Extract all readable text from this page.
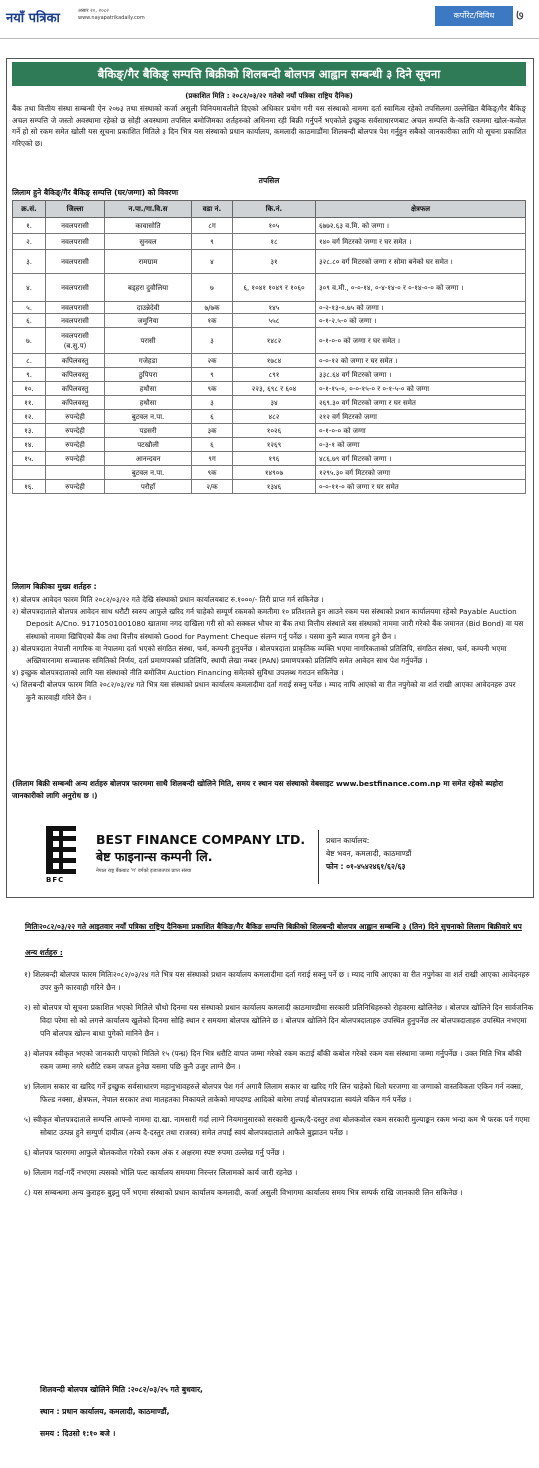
नयाँ पत्रिका	असार २०, २०८२
www.nayapatrikadaily.com	कर्पोरेट/विविध	७
बैकिङ्/गैर बैकिङ् सम्पत्ति बिक्रीको शिलबन्दी बोलपत्र आह्वान सम्बन्धी ३ दिने सूचना
(प्रकाशित मिति : २०८२/०३/२२ गतेको नयाँ पत्रिका राष्ट्रिय दैनिक)
बैंक तथा वित्तीय संस्था सम्बन्धी ऐन २०७३ तथा संस्थाको कर्जा असुली विनियमावलीले दिएको अधिकार प्रयोग गरी यस संस्थाको नाममा दर्ता स्वामित्व रहेको तपसिलमा उल्लेखित बैकिङ्/गैर बैकिङ् अचल सम्पत्ति जे जस्तो अवस्थामा रहेको छ सोही अवस्थामा तपसिल बमोजिमका शर्तहरुको अधिनमा रही बिक्री गर्नुपर्ने भएकोले इच्छुक सर्वसाधारणबाट अचल सम्पत्ति के-कति रकममा खोल-कवोल गर्ने हो सो रकम समेत खोली यस सूचना प्रकाशित मितिले ३ दिन भित्र यस संस्थाको प्रधान कार्यालय, कमलादी काठमाडौंमा शिलबन्दी बोलपत्र पेश गर्नुहुन सबैको जानकारीका लागि यो सूचना प्रकाशित गरिएको छ।
तपसिल
लिलाम हुने बैकिङ्/गैर बैकिङ् सम्पत्ति (घर/जग्गा) को विवरणः
क्र.सं.	जिल्ला	न.पा./गा.वि.स	वडा नं.	कि.नं.	क्षेत्रफल
१.	नवलपरासी	कावासोति	८ग	१०५	६७७२.६३ व.मि. को जग्गा ।
२.	नवलपरासी	सुनवल	९	१८	१४० वर्ग मिटरको जग्गा र घर समेत ।
३.	नवलपरासी	रामग्राम	४	३१	३२८.८० वर्ग मिटरको जग्गा र सोमा बनेको घर समेत ।
४.	नवलपरासी	बड्हरा दुवौलिया	७	६, १०४१ १०४९ र १०६०	३०९ व.मी., ०-०-१४, ०-४-१४-० र ०-१४-०-० को जग्गा ।
५.	नवलपरासी	दाउन्नेदेवी	७/७क	१४५	०-२-१३-०.७५ को जग्गा ।
६.	नवलपरासी	जमुनिया	१क	५५८	०-१-२.५-० को जग्गा ।
७.	नवलपरासी (ब.सु.प)	परासी	३	१४८२	०-१-०-० को जग्गा र घर समेत ।
८.	कपिलवस्तु	गजेहडा	२क	१७८४	०-०-१२ को जग्गा र घर समेत ।
९.	कपिलवस्तु	ठुपिपरा	९	८९१	३३८.६४ वर्ग मिटरको जग्गा ।
१०.	कपिलवस्तु	हथौसा	९क	२२३, ६९८ र ६०४	०-१-१५-०, ०-०-१५-० र ०-१-५-० को जग्गा
११.	कपिलवस्तु	हथौसा	३	३४	२६९.३० वर्ग मिटरको जग्गा र घर समेत
१२.	रुपन्देही	बुटवल न.पा.	६	४८२	२१२ वर्ग मिटरको जग्गा
१३.	रुपन्देही	पडसरी	३क	१०२६	०-१-०-० को जग्गा
१४.	रुपन्देही	पटखौली	६	१२६९	०-३-१ को जग्गा
१५.	रुपन्देही	आनन्दवन	९ग	१९६	४८६.७९ वर्ग मिटरको जग्गा ।
		बुटवल न.पा.	९क	१४९०७	१२९५.३० वर्ग मिटरको जग्गा
१६.	रुपन्देही	परौहाँ	२/क	१३४६	०-०-११-० को जग्गा र घर समेत
लिलाम बिक्रीका मुख्य शर्तहरु :
१) बोलपत्र आवेदन फारम मिति २०८२/०३/२२ गते देखि संस्थाको प्रधान कार्यालयबाट रु.१०००/- तिरी प्राप्त गर्न सकिनेछ ।
२) बोलपत्रदाताले बोलपत्र आवेदन साथ धरौटी स्वरुप आफुले खरिद गर्न चाहेको सम्पूर्ण रकमको कमतीमा १० प्रतिशतले हुन आउने रकम यस संस्थाको प्रधान कार्यालयमा रहेको Payable Auction Deposit A/Cno. 91710501001080 खातामा नगद दाखिला गरी सो को सक्कल भौचर वा बैंक तथा वित्तीय संस्थाले यस संस्थाको नाममा जारी गरेको बैंक जमानत (Bid Bond) वा यस संस्थाको नाममा खिचिएको बैंक तथा वित्तीय संस्थाको Good for Payment Cheque संलग्न गर्नु पर्नेछ । यसमा कुनै ब्याज गणना हुने छैन ।
३) बोलपत्रदाता नेपाली नागरिक वा नेपालमा दर्ता भएको संगठित संस्था, फर्म, कम्पनी हुनुपर्नेछ । बोलपत्रदाता प्राकृतिक व्यक्ति भएमा नागरिकताको प्रतिलिपि, संगठित संस्था, फर्म, कम्पनी भएमा अख्तियारनामा सञ्चालक समितिको निर्णय, दर्ता प्रमाणपत्रको प्रतिलिपि, स्थायी लेखा नम्बर (PAN) प्रमाणपत्रको प्रतिलिपि समेत आवेदन साथ पेश गर्नुपर्नेछ ।
४) इच्छुक बोलपत्रदाताको लागि यस संस्थाको नीति बमोजिम Auction Financing समेतको सुविधा उपलब्ध गराउन सकिनेछ ।
५) शिलबन्दी बोलपत्र फारम मिति २०८२/०३/२४ गते भित्र यस संस्थाको प्रधान कार्यालय कमलादीमा दर्ता गराई सक्नु पर्नेछ । म्याद नाघि आएको वा रीत नपुगेको वा शर्त राखी आएका आवेदनहरु उपर कुनै कारवाही गरिने छैन ।
(लिलाम बिक्री सम्बन्धी अन्य शर्तहरु बोलपत्र फारममा साथै शिलबन्दी खोलिने मिति, समय र स्थान यस संस्थाको वेबसाइट www.bestfinance.com.np मा समेत रहेको ब्यहोरा जानकारीको लागि अनुरोध छ ।)
BFC
BEST FINANCE COMPANY LTD.
बेष्ट फाइनान्स कम्पनी लि.
नेपाल राष्ट्र बैंकबाट 'ग' वर्गको इजाजतपत्र प्राप्त संस्था
प्रधान कार्यालय:
बेष्ट भवन, कमलादी, काठमाण्डौं
फोन : ०१-४५४२४६१/६२/६३
मितिः२०८२/०३/२२ गते आइतवार नयाँ पत्रिका राष्ट्रिय दैनिकमा प्रकाशित बैकिङ/गैर बैकिङ सम्पत्ति बिक्रीको शिलबन्दी बोलपत्र आह्वान सम्बन्धि ३ (तिन) दिने सुचनाको लिलाम बिक्रीवारे थप अन्य शर्तहरु :
१) शिलबन्दी बोलपत्र फारम मितिः२०८२/०३/२४ गते भित्र यस संस्थाको प्रधान कार्यालय कमलादीमा दर्ता गराई सक्नु पर्ने छ । म्याद नाघि आएका वा रीत नपुगेका वा शर्त राखी आएका आवेदनहरु उपर कुनै कारवाही गरिने छैन ।
२) सो बोलपत्र यो सूचना प्रकाशित भएको मितिले चौथो दिनमा यस संस्थाको प्रधान कार्यालय कमलादी काठमाण्डौमा सरकारी प्रतिनिधिहरुको रोहवरमा खोलिनेछ । बोलपत्र खोलिने दिन सार्वजनिक विदा परेमा सो को लगत्ते कार्यालय खुलेको दिनमा सोहि स्थान र समयमा बोलपत्र खोलिने छ । बोलपत्र खोलिने दिन बोलपत्रदाताहरु उपस्थित हुनुपर्नेछ तर बोलपत्रदाताहरु उपस्थित नभएमा पनि बोलपत्र खोल्न बाधा पुगेको मानिने छैन ।
३) बोलपत्र स्वीकृत भएको जानकारी पाएको मितिले १५ (पन्ध्र) दिन भित्र धरौटि वापत जम्मा गरेको रकम कटाई बाँकी कबोल गरेको रकम यस संस्थामा जम्मा गर्नुपर्नेछ । उक्त मिति भित्र बाँकी रकम जम्मा नगरे धरौटि रकम जफत हुनेछ यसमा पछि कुनै उजुर लाग्ने छैन ।
४) लिलाम सकार वा खरिद गर्ने इच्छुक सर्वसाधारण महानुभावहरुले बोलपत्र पेश गर्न अगावै लिलाम सकार वा खरिद गरि लिन चाहेको धितो घरजग्गा वा जग्गाको वास्तविकता एकिन गर्न नक्सा, फिल्ड नक्सा, क्षेत्रफल, नेपाल सरकार तथा मातहतका निकायले ताकेको मापदण्ड आदिको बारेमा तपाई बोलपत्रदाता स्वयंले यकिन गर्न पर्नेछ ।
५) स्वीकृत बोलपत्रदाताले सम्पत्ति आफ्नो नाममा दा.खा. नामसारी गर्दा लाग्ने नियमानुसारको सरकारी शुल्क/दै-दस्तुर तथा बोलकवोल रकम सरकारी मुल्याङ्कन रकम भन्दा कम भै फरक पर्न गएमा सोबाट उत्पन्न हुने सम्पुर्ण दायीत्व (अन्य दै-दस्तुर तथा राजस्व) समेत तपाईं स्वयं बोलपत्रदाताले आफैले बुझाउन पर्नेछ ।
६) बोलपत्र फारममा आफुले बोलकवोल गरेको रकम अंक र अक्षरमा स्पष्ट रुपमा उल्लेख गर्नु पर्नेछ ।
७) लिलाम गर्दा-गर्दै नभएमा त्यसको भोलि पल्ट कार्यालय समयमा निरन्तर लिलामको कार्य जारी रहनेछ ।
८) यस सम्बन्धमा अन्य कुराहरु बुझ्नु पर्ने भएमा संस्थाको प्रधान कार्यालय कमलादी, कर्जा असुली विभागमा कार्यालय समय भित्र सम्पर्क राखि जानकारी लिन सकिनेछ ।
शिलवन्दी बोलपत्र खोलिने मिति :२०८२/०३/२५ गते बुधवार,
स्थान : प्रधान कार्यालय, कमलादी, काठमाण्डौं,
समय : दिउसो १:१० बजे ।
